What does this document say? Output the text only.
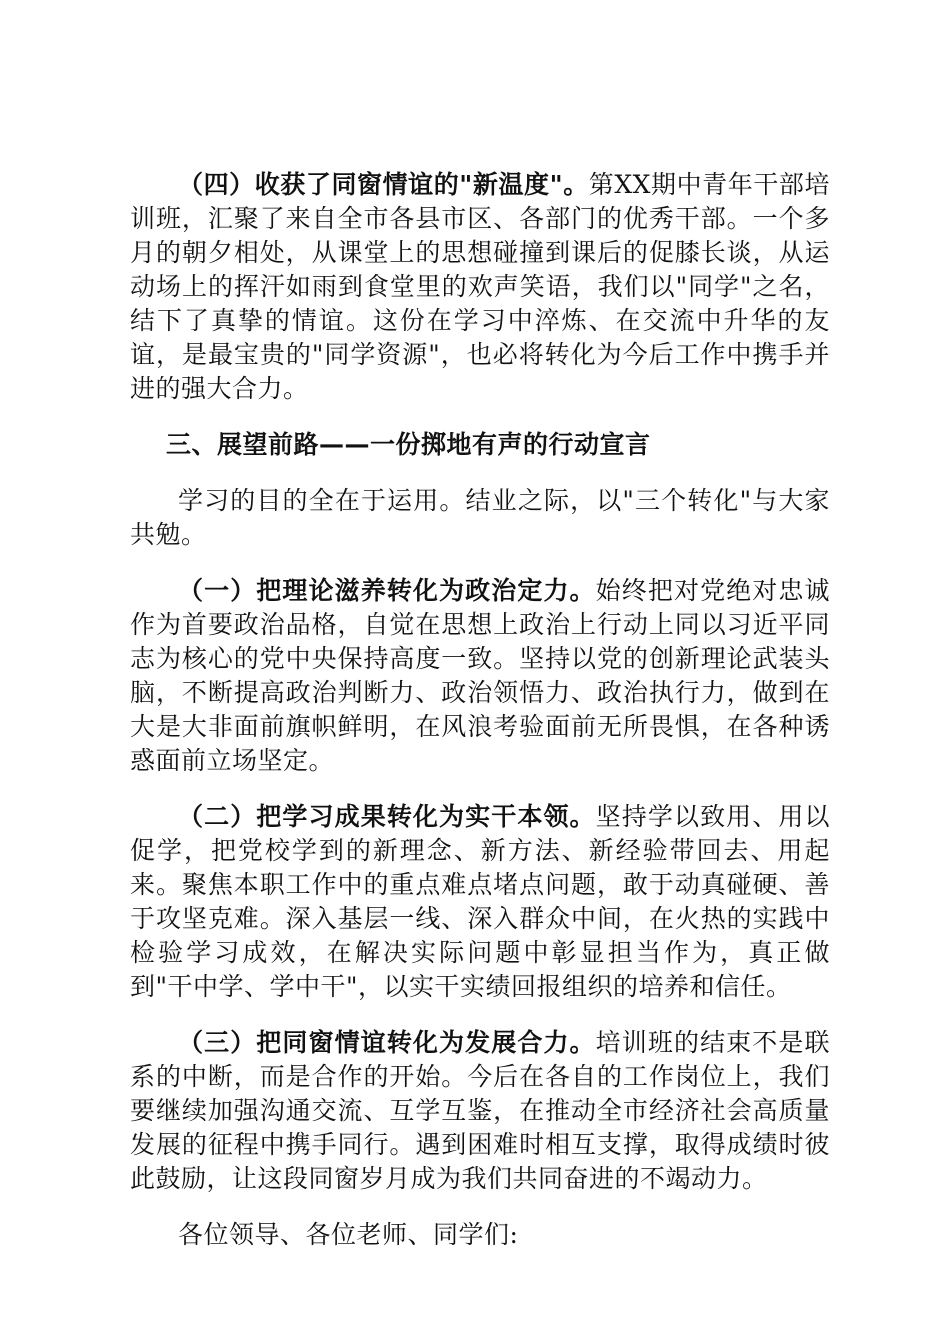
（四）收获了同窗情谊的"新温度"。第XX期中青年干部培训班，汇聚了来自全市各县市区、各部门的优秀干部。一个多月的朝夕相处，从课堂上的思想碰撞到课后的促膝长谈，从运动场上的挥汗如雨到食堂里的欢声笑语，我们以"同学"之名，结下了真挚的情谊。这份在学习中淬炼、在交流中升华的友谊，是最宝贵的"同学资源"，也必将转化为今后工作中携手并进的强大合力。

三、展望前路——一份掷地有声的行动宣言

学习的目的全在于运用。结业之际，以"三个转化"与大家共勉。

（一）把理论滋养转化为政治定力。始终把对党绝对忠诚作为首要政治品格，自觉在思想上政治上行动上同以习近平同志为核心的党中央保持高度一致。坚持以党的创新理论武装头脑，不断提高政治判断力、政治领悟力、政治执行力，做到在大是大非面前旗帜鲜明，在风浪考验面前无所畏惧，在各种诱惑面前立场坚定。

（二）把学习成果转化为实干本领。坚持学以致用、用以促学，把党校学到的新理念、新方法、新经验带回去、用起来。聚焦本职工作中的重点难点堵点问题，敢于动真碰硬、善于攻坚克难。深入基层一线、深入群众中间，在火热的实践中检验学习成效，在解决实际问题中彰显担当作为，真正做到"干中学、学中干"，以实干实绩回报组织的培养和信任。

（三）把同窗情谊转化为发展合力。培训班的结束不是联系的中断，而是合作的开始。今后在各自的工作岗位上，我们要继续加强沟通交流、互学互鉴，在推动全市经济社会高质量发展的征程中携手同行。遇到困难时相互支撑，取得成绩时彼此鼓励，让这段同窗岁月成为我们共同奋进的不竭动力。

各位领导、各位老师、同学们:
